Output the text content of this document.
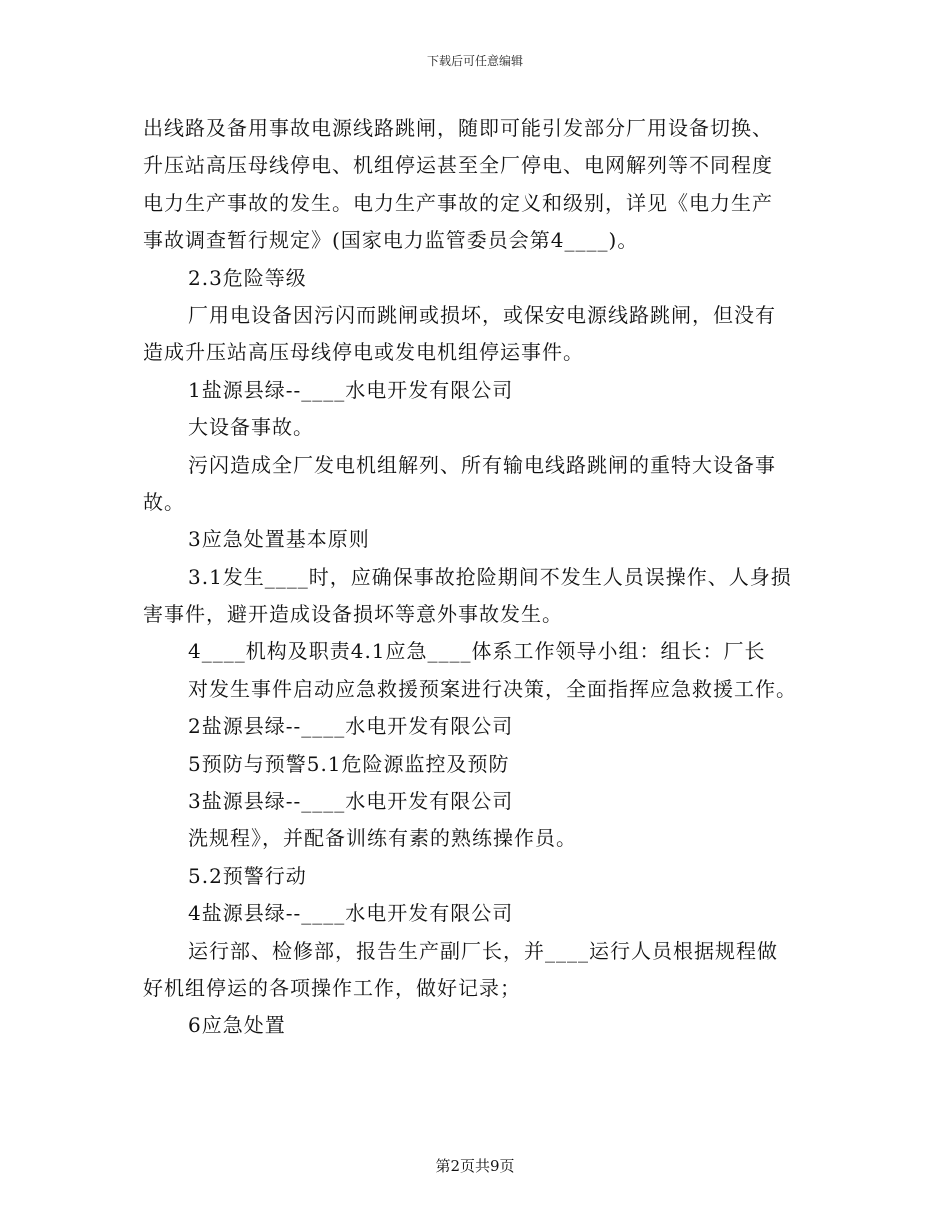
下载后可任意编辑
出线路及备用事故电源线路跳闸，随即可能引发部分厂用设备切换、
升压站高压母线停电、机组停运甚至全厂停电、电网解列等不同程度
电力生产事故的发生。电力生产事故的定义和级别，详见《电力生产
事故调查暂行规定》(国家电力监管委员会第4____)。
2.3危险等级
厂用电设备因污闪而跳闸或损坏，或保安电源线路跳闸，但没有
造成升压站高压母线停电或发电机组停运事件。
1盐源县绿--____水电开发有限公司
大设备事故。
污闪造成全厂发电机组解列、所有输电线路跳闸的重特大设备事
故。
3应急处置基本原则
3.1发生____时，应确保事故抢险期间不发生人员误操作、人身损
害事件，避开造成设备损坏等意外事故发生。
4____机构及职责4.1应急____体系工作领导小组：组长：厂长
对发生事件启动应急救援预案进行决策，全面指挥应急救援工作。
2盐源县绿--____水电开发有限公司
5预防与预警5.1危险源监控及预防
3盐源县绿--____水电开发有限公司
洗规程》，并配备训练有素的熟练操作员。
5.2预警行动
4盐源县绿--____水电开发有限公司
运行部、检修部，报告生产副厂长，并____运行人员根据规程做
好机组停运的各项操作工作，做好记录；
6应急处置
第2页共9页
